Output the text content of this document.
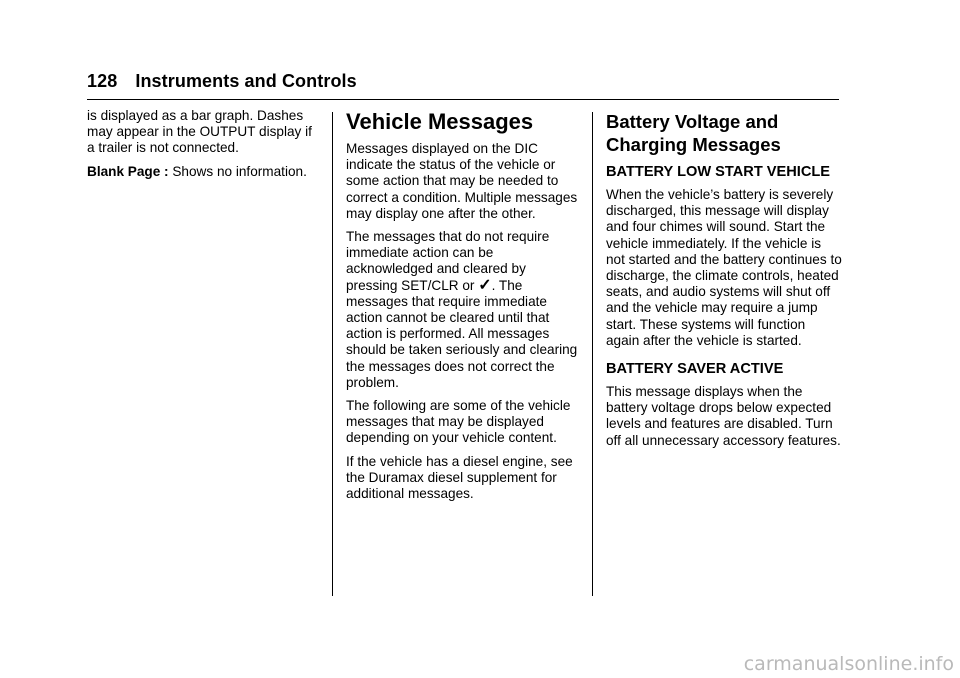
128 Instruments and Controls

is displayed as a bar graph. Dashes may appear in the OUTPUT display if a trailer is not connected.

Blank Page : Shows no information.

Vehicle Messages

Messages displayed on the DIC indicate the status of the vehicle or some action that may be needed to correct a condition. Multiple messages may display one after the other.

The messages that do not require immediate action can be acknowledged and cleared by pressing SET/CLR or ✓. The messages that require immediate action cannot be cleared until that action is performed. All messages should be taken seriously and clearing the messages does not correct the problem.

The following are some of the vehicle messages that may be displayed depending on your vehicle content.

If the vehicle has a diesel engine, see the Duramax diesel supplement for additional messages.

Battery Voltage and Charging Messages
BATTERY LOW START VEHICLE

When the vehicle’s battery is severely discharged, this message will display and four chimes will sound. Start the vehicle immediately. If the vehicle is not started and the battery continues to discharge, the climate controls, heated seats, and audio systems will shut off and the vehicle may require a jump start. These systems will function again after the vehicle is started.

BATTERY SAVER ACTIVE

This message displays when the battery voltage drops below expected levels and features are disabled. Turn off all unnecessary accessory features.

carmanualsonline.info
